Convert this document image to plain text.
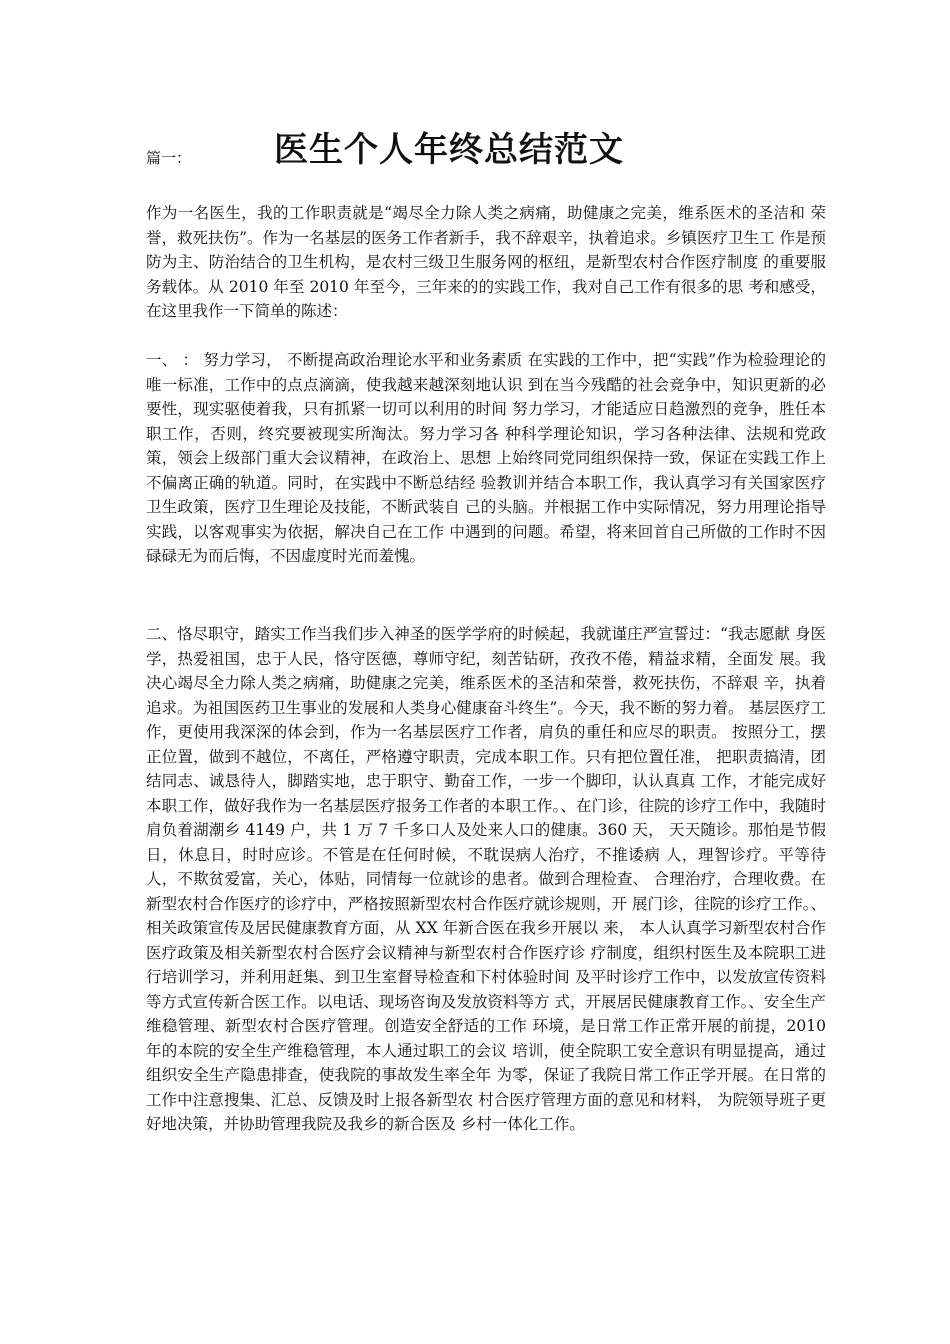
篇一： 医生个人年终总结范文

作为一名医生，我的工作职责就是“竭尽全力除人类之病痛，助健康之完美，维系医术的圣洁和 荣誉，救死扶伤”。作为一名基层的医务工作者新手，我不辞艰辛，执着追求。乡镇医疗卫生工 作是预防为主、防治结合的卫生机构，是农村三级卫生服务网的枢纽，是新型农村合作医疗制度 的重要服务载体。从 2010 年至 2010 年至今，三年来的的实践工作，我对自己工作有很多的思 考和感受， 在这里我作一下简单的陈述：

一、 ： 努力学习， 不断提高政治理论水平和业务素质 在实践的工作中，把“实践”作为检验理论的唯一标准，工作中的点点滴滴，使我越来越深刻地认识 到在当今残酷的社会竞争中，知识更新的必要性，现实驱使着我，只有抓紧一切可以利用的时间 努力学习，才能适应日趋激烈的竞争，胜任本职工作，否则，终究要被现实所淘汰。努力学习各 种科学理论知识，学习各种法律、法规和党政策，领会上级部门重大会议精神，在政治上、思想 上始终同党同组织保持一致，保证在实践工作上不偏离正确的轨道。同时，在实践中不断总结经 验教训并结合本职工作，我认真学习有关国家医疗卫生政策，医疗卫生理论及技能，不断武装自 己的头脑。并根据工作中实际情况，努力用理论指导实践，以客观事实为依据，解决自己在工作 中遇到的问题。希望，将来回首自己所做的工作时不因碌碌无为而后悔，不因虚度时光而羞愧。

二、恪尽职守，踏实工作当我们步入神圣的医学学府的时候起，我就谨庄严宣誓过：“我志愿献 身医学，热爱祖国，忠于人民，恪守医德，尊师守纪，刻苦钻研，孜孜不倦，精益求精，全面发 展。我决心竭尽全力除人类之病痛，助健康之完美，维系医术的圣洁和荣誉，救死扶伤，不辞艰 辛，执着追求。为祖国医药卫生事业的发展和人类身心健康奋斗终生”。今天，我不断的努力着。 基层医疗工作，更使用我深深的体会到，作为一名基层医疗工作者，肩负的重任和应尽的职责。 按照分工，摆正位置，做到不越位，不离任，严格遵守职责，完成本职工作。只有把位置任准， 把职责搞清，团结同志、诚恳待人，脚踏实地，忠于职守、勤奋工作，一步一个脚印，认认真真 工作，才能完成好本职工作，做好我作为一名基层医疗报务工作者的本职工作。、在门诊，往院的诊疗工作中，我随时肩负着湖潮乡 4149 户，共 1 万 7 千多口人及处来人口的健康。360 天， 天天随诊。那怕是节假日，休息日，时时应诊。不管是在任何时候，不耽误病人治疗，不推诿病 人，理智诊疗。平等待人，不欺贫爱富，关心，体贴，同情每一位就诊的患者。做到合理检查、 合理治疗，合理收费。在新型农村合作医疗的诊疗中，严格按照新型农村合作医疗就诊规则，开 展门诊，往院的诊疗工作。、相关政策宣传及居民健康教育方面，从 XX 年新合医在我乡开展以 来， 本人认真学习新型农村合作医疗政策及相关新型农村合医疗会议精神与新型农村合作医疗诊 疗制度，组织村医生及本院职工进行培训学习，并利用赶集、到卫生室督导检查和下村体验时间 及平时诊疗工作中，以发放宣传资料等方式宣传新合医工作。以电话、现场咨询及发放资料等方 式，开展居民健康教育工作。、安全生产维稳管理、新型农村合医疗管理。创造安全舒适的工作 环境，是日常工作正常开展的前提，2010 年的本院的安全生产维稳管理，本人通过职工的会议 培训，使全院职工安全意识有明显提高，通过组织安全生产隐患排查，使我院的事故发生率全年 为零，保证了我院日常工作正学开展。在日常的工作中注意搜集、汇总、反馈及时上报各新型农 村合医疗管理方面的意见和材料， 为院领导班子更好地决策，并协助管理我院及我乡的新合医及 乡村一体化工作。
